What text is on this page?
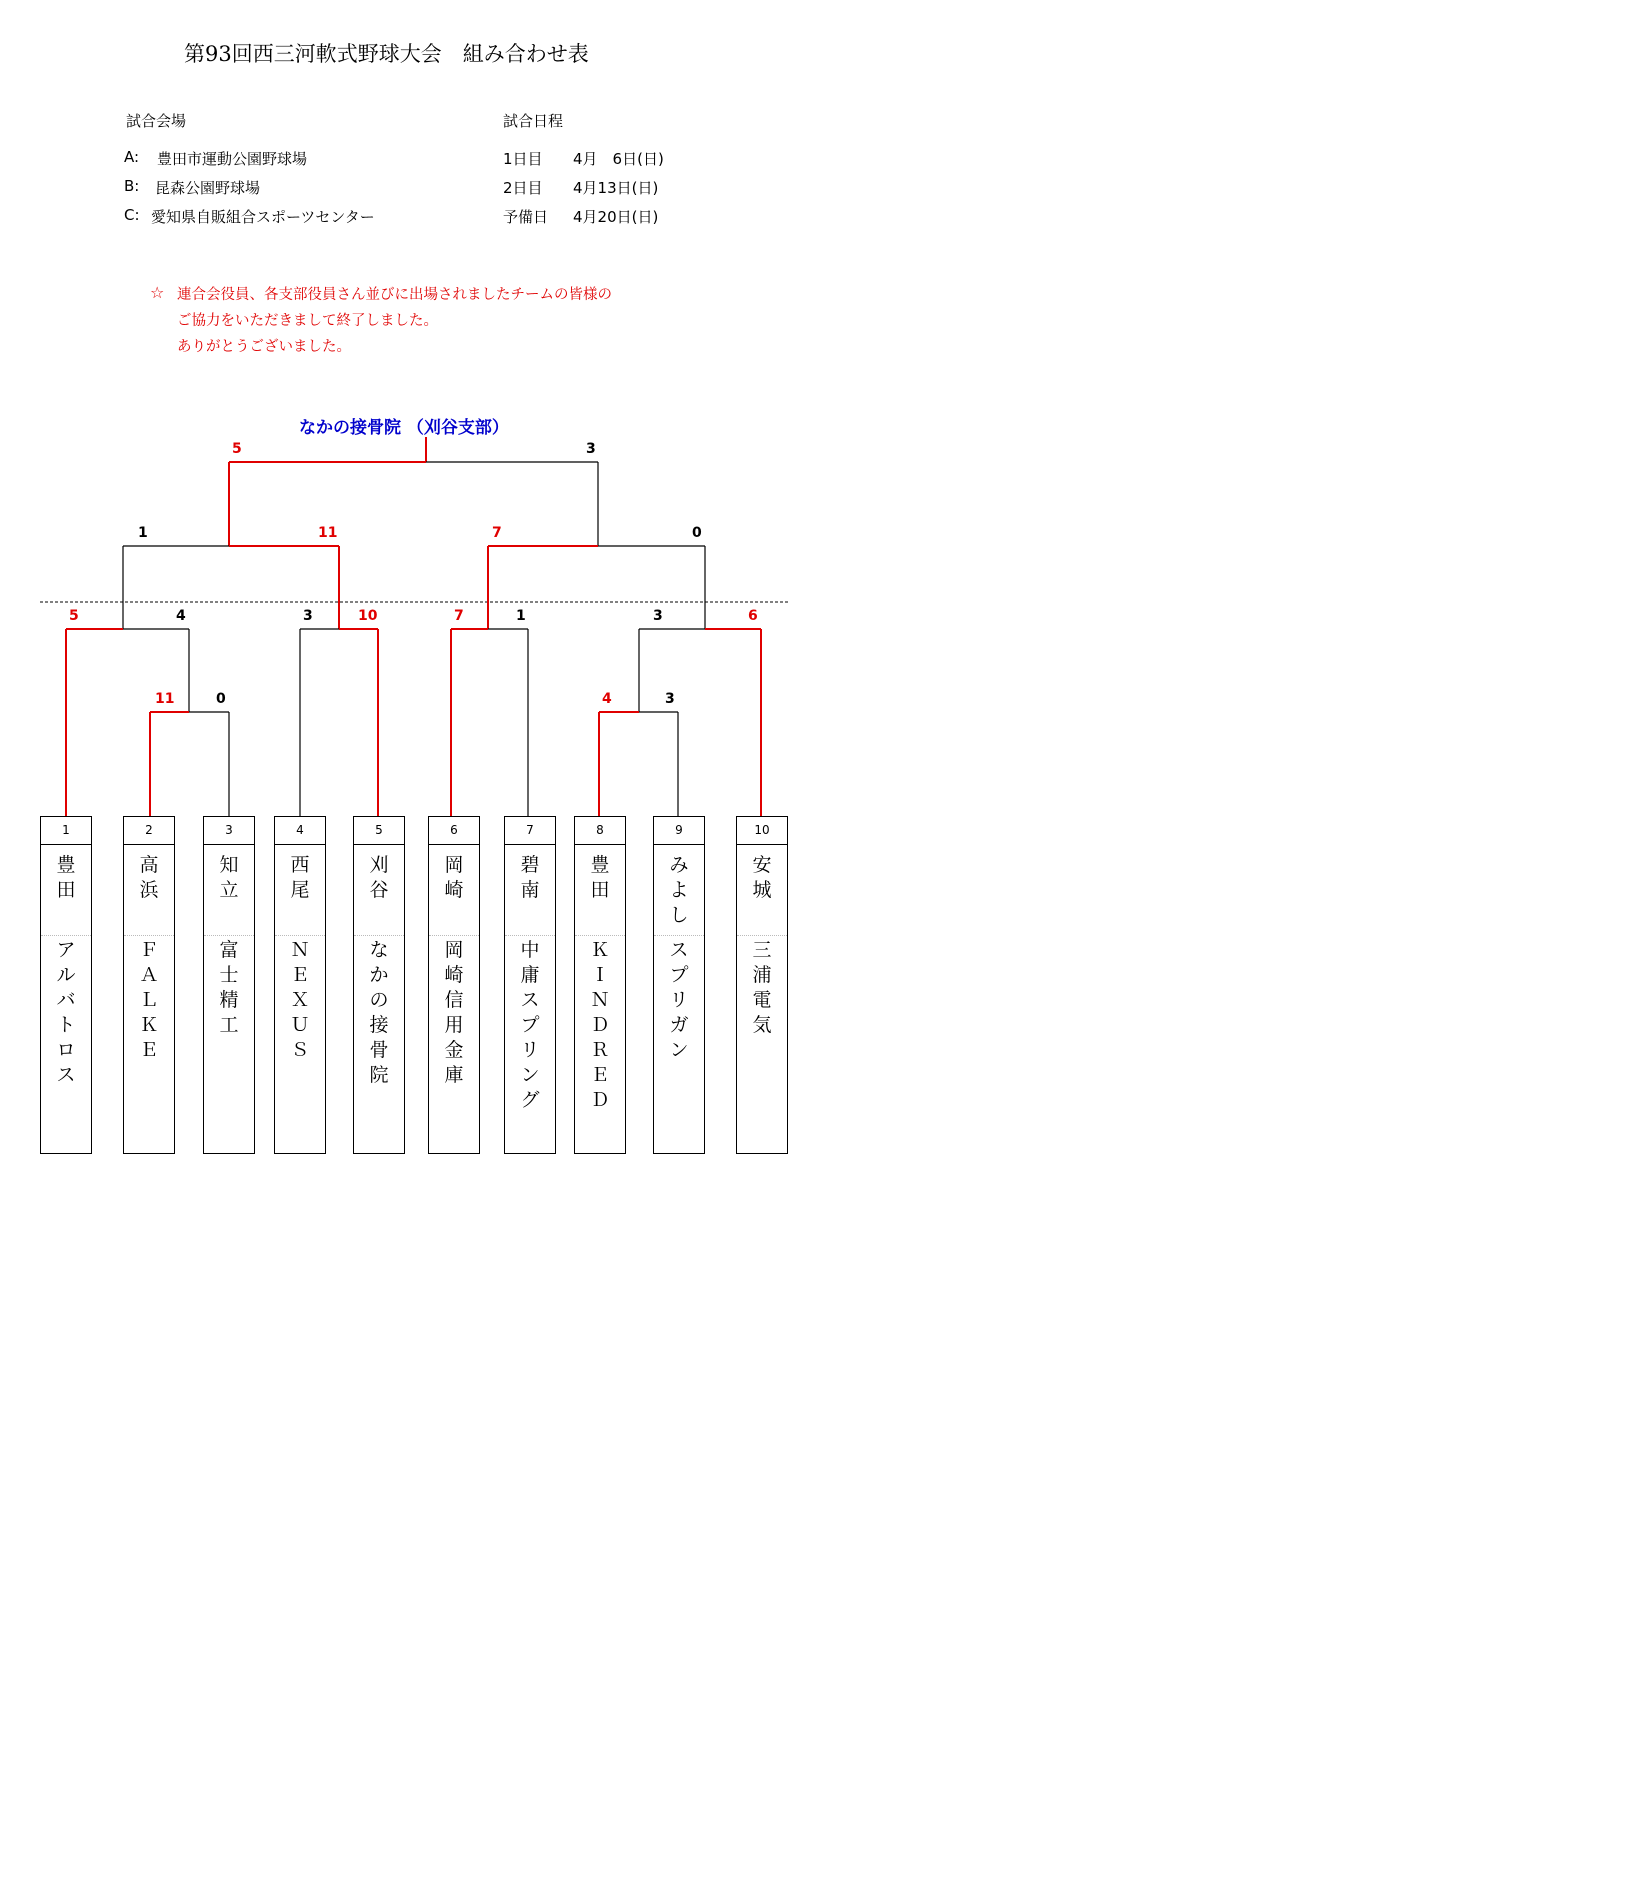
第93回西三河軟式野球大会　組み合わせ表
試合会場
A: 豊田市運動公園野球場
B: 昆森公園野球場
C: 愛知県自販組合スポーツセンター
試合日程
1日目 4月　6日(日)
2日目 4月13日(日)
予備日 4月20日(日)
☆ 連合会役員、各支部役員さん並びに出場されましたチームの皆様の
ご協力をいただきまして終了しました。
ありがとうございました。
なかの接骨院 （刈谷支部）
5	3
1	11	7	0
5	4	3	10	7	1	3	6
11	0	4	3
1
豊田
アルバトロス
2
高浜
ＦＡＬＫＥ
3
知立
富士精工
4
西尾
ＮＥＸＵＳ
5
刈谷
なかの接骨院
6
岡崎
岡崎信用金庫
7
碧南
中庸スプリング
8
豊田
ＫＩＮＤＲＥＤ
9
みよし
スプリガン
10
安城
三浦電気
